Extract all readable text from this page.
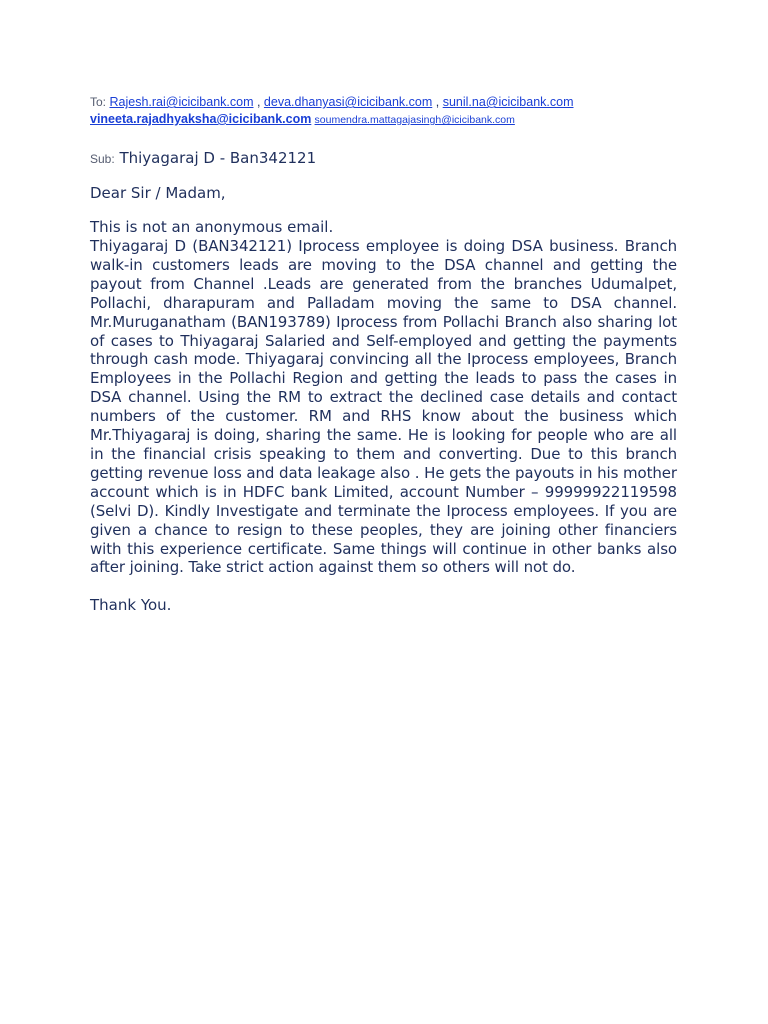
To: Rajesh.rai@icicibank.com , deva.dhanyasi@icicibank.com , sunil.na@icicibank.com
vineeta.rajadhyaksha@icicibank.com soumendra.mattagajasingh@icicibank.com
Sub: Thiyagaraj D - Ban342121
Dear Sir / Madam,
This is not an anonymous email.
Thiyagaraj D (BAN342121) Iprocess employee is doing DSA business. Branch walk-in customers leads are moving to the DSA channel and getting the payout from Channel .Leads are generated from the branches Udumalpet, Pollachi, dharapuram and Palladam moving the same to DSA channel. Mr.Muruganatham (BAN193789) Iprocess from Pollachi Branch also sharing lot of cases to Thiyagaraj Salaried and Self-employed and getting the payments through cash mode. Thiyagaraj convincing all the Iprocess employees, Branch Employees in the Pollachi Region and getting the leads to pass the cases in DSA channel. Using the RM to extract the declined case details and contact numbers of the customer. RM and RHS know about the business which Mr.Thiyagaraj is doing, sharing the same. He is looking for people who are all in the financial crisis speaking to them and converting. Due to this branch getting revenue loss and data leakage also . He gets the payouts in his mother account which is in HDFC bank Limited, account Number – 99999922119598 (Selvi D). Kindly Investigate and terminate the Iprocess employees. If you are given a chance to resign to these peoples, they are joining other financiers with this experience certificate. Same things will continue in other banks also after joining. Take strict action against them so others will not do.
Thank You.
